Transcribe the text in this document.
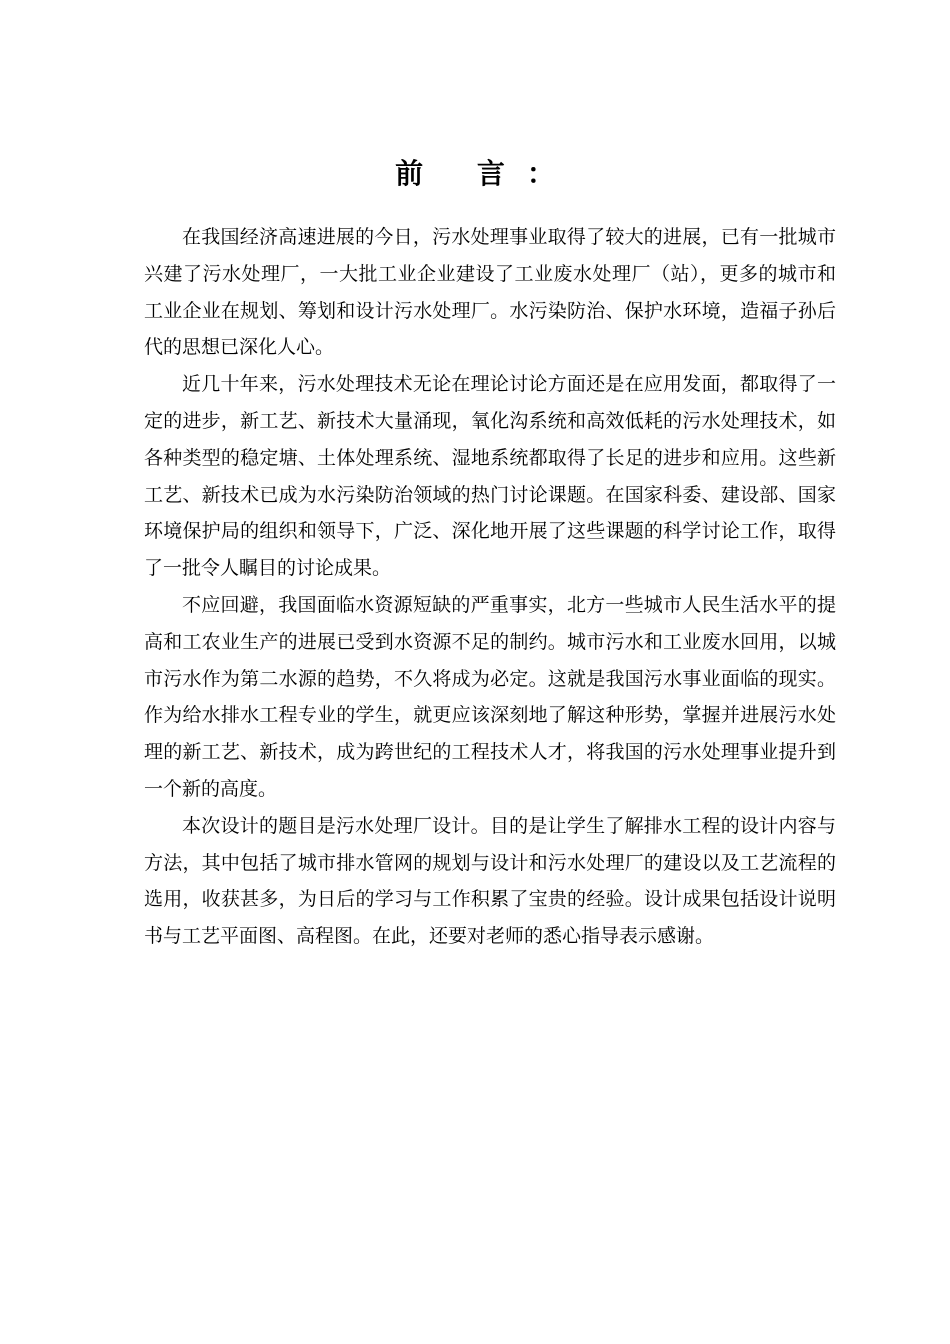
前 言：

在我国经济高速进展的今日，污水处理事业取得了较大的进展，已有一批城市兴建了污水处理厂，一大批工业企业建设了工业废水处理厂（站），更多的城市和工业企业在规划、筹划和设计污水处理厂。水污染防治、保护水环境，造福子孙后代的思想已深化人心。

近几十年来，污水处理技术无论在理论讨论方面还是在应用发面，都取得了一定的进步，新工艺、新技术大量涌现，氧化沟系统和高效低耗的污水处理技术，如各种类型的稳定塘、土体处理系统、湿地系统都取得了长足的进步和应用。这些新工艺、新技术已成为水污染防治领域的热门讨论课题。在国家科委、建设部、国家环境保护局的组织和领导下，广泛、深化地开展了这些课题的科学讨论工作，取得了一批令人瞩目的讨论成果。

不应回避，我国面临水资源短缺的严重事实，北方一些城市人民生活水平的提高和工农业生产的进展已受到水资源不足的制约。城市污水和工业废水回用，以城市污水作为第二水源的趋势，不久将成为必定。这就是我国污水事业面临的现实。作为给水排水工程专业的学生，就更应该深刻地了解这种形势，掌握并进展污水处理的新工艺、新技术，成为跨世纪的工程技术人才，将我国的污水处理事业提升到一个新的高度。

本次设计的题目是污水处理厂设计。目的是让学生了解排水工程的设计内容与方法，其中包括了城市排水管网的规划与设计和污水处理厂的建设以及工艺流程的选用，收获甚多，为日后的学习与工作积累了宝贵的经验。设计成果包括设计说明书与工艺平面图、高程图。在此，还要对老师的悉心指导表示感谢。
